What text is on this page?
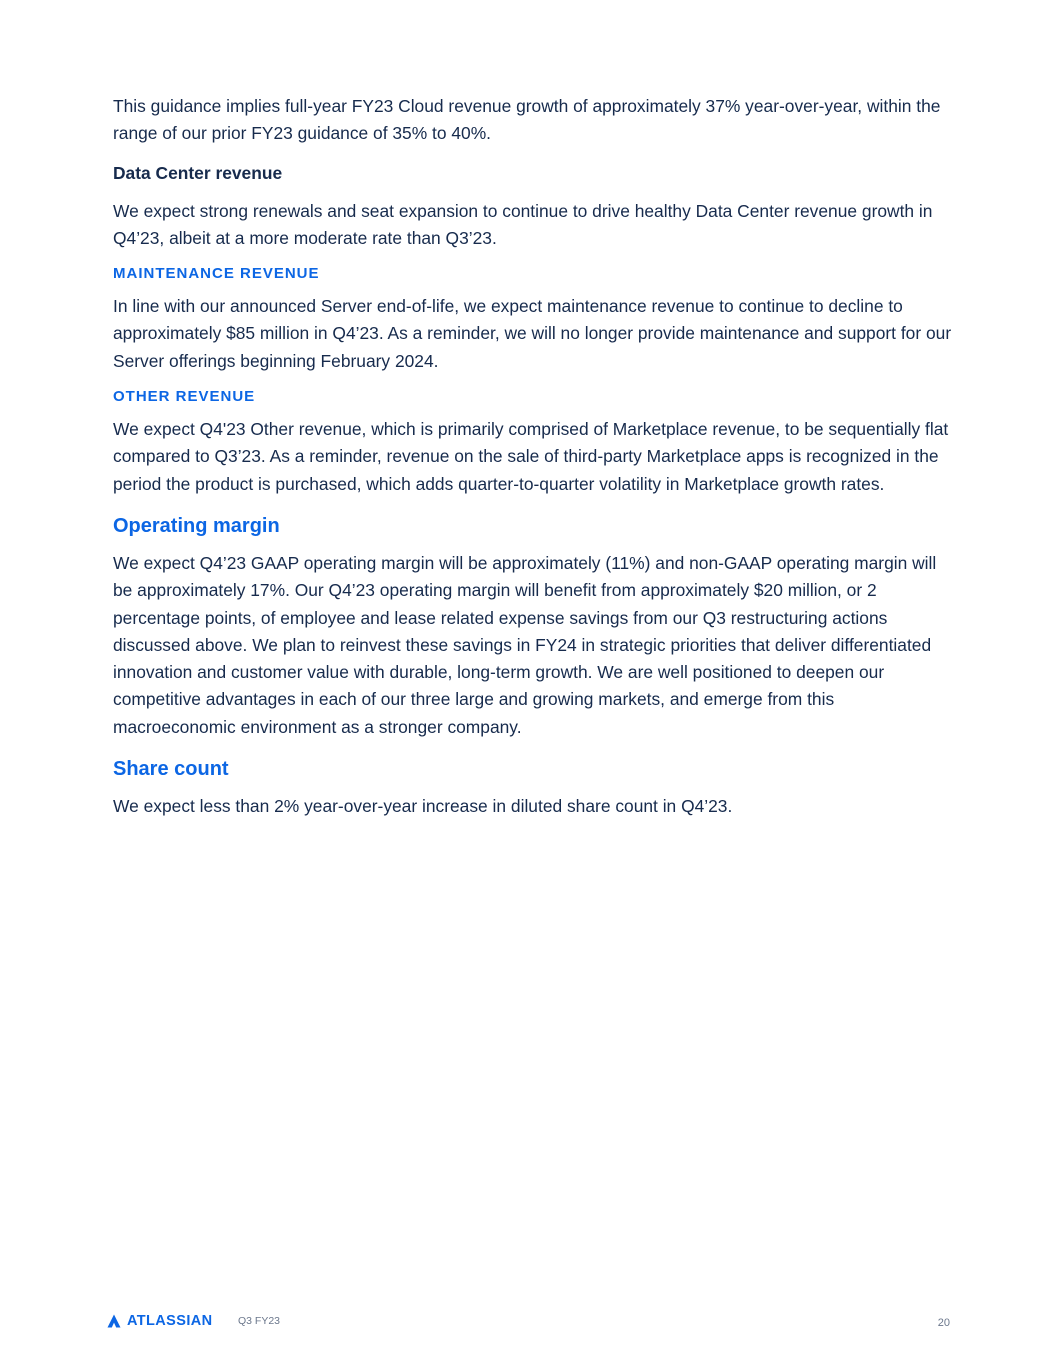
This guidance implies full-year FY23 Cloud revenue growth of approximately 37% year-over-year, within the range of our prior FY23 guidance of 35% to 40%.

Data Center revenue

We expect strong renewals and seat expansion to continue to drive healthy Data Center revenue growth in Q4’23, albeit at a more moderate rate than Q3’23.

MAINTENANCE REVENUE

In line with our announced Server end-of-life, we expect maintenance revenue to continue to decline to approximately $85 million in Q4’23. As a reminder, we will no longer provide maintenance and support for our Server offerings beginning February 2024.

OTHER REVENUE

We expect Q4'23 Other revenue, which is primarily comprised of Marketplace revenue, to be sequentially flat compared to Q3’23. As a reminder, revenue on the sale of third-party Marketplace apps is recognized in the period the product is purchased, which adds quarter-to-quarter volatility in Marketplace growth rates.

Operating margin

We expect Q4’23 GAAP operating margin will be approximately (11%) and non-GAAP operating margin will be approximately 17%. Our Q4’23 operating margin will benefit from approximately $20 million, or 2 percentage points, of employee and lease related expense savings from our Q3 restructuring actions discussed above. We plan to reinvest these savings in FY24 in strategic priorities that deliver differentiated innovation and customer value with durable, long-term growth. We are well positioned to deepen our competitive advantages in each of our three large and growing markets, and emerge from this macroeconomic environment as a stronger company.

Share count

We expect less than 2% year-over-year increase in diluted share count in Q4’23.

ATLASSIAN Q3 FY23	20
